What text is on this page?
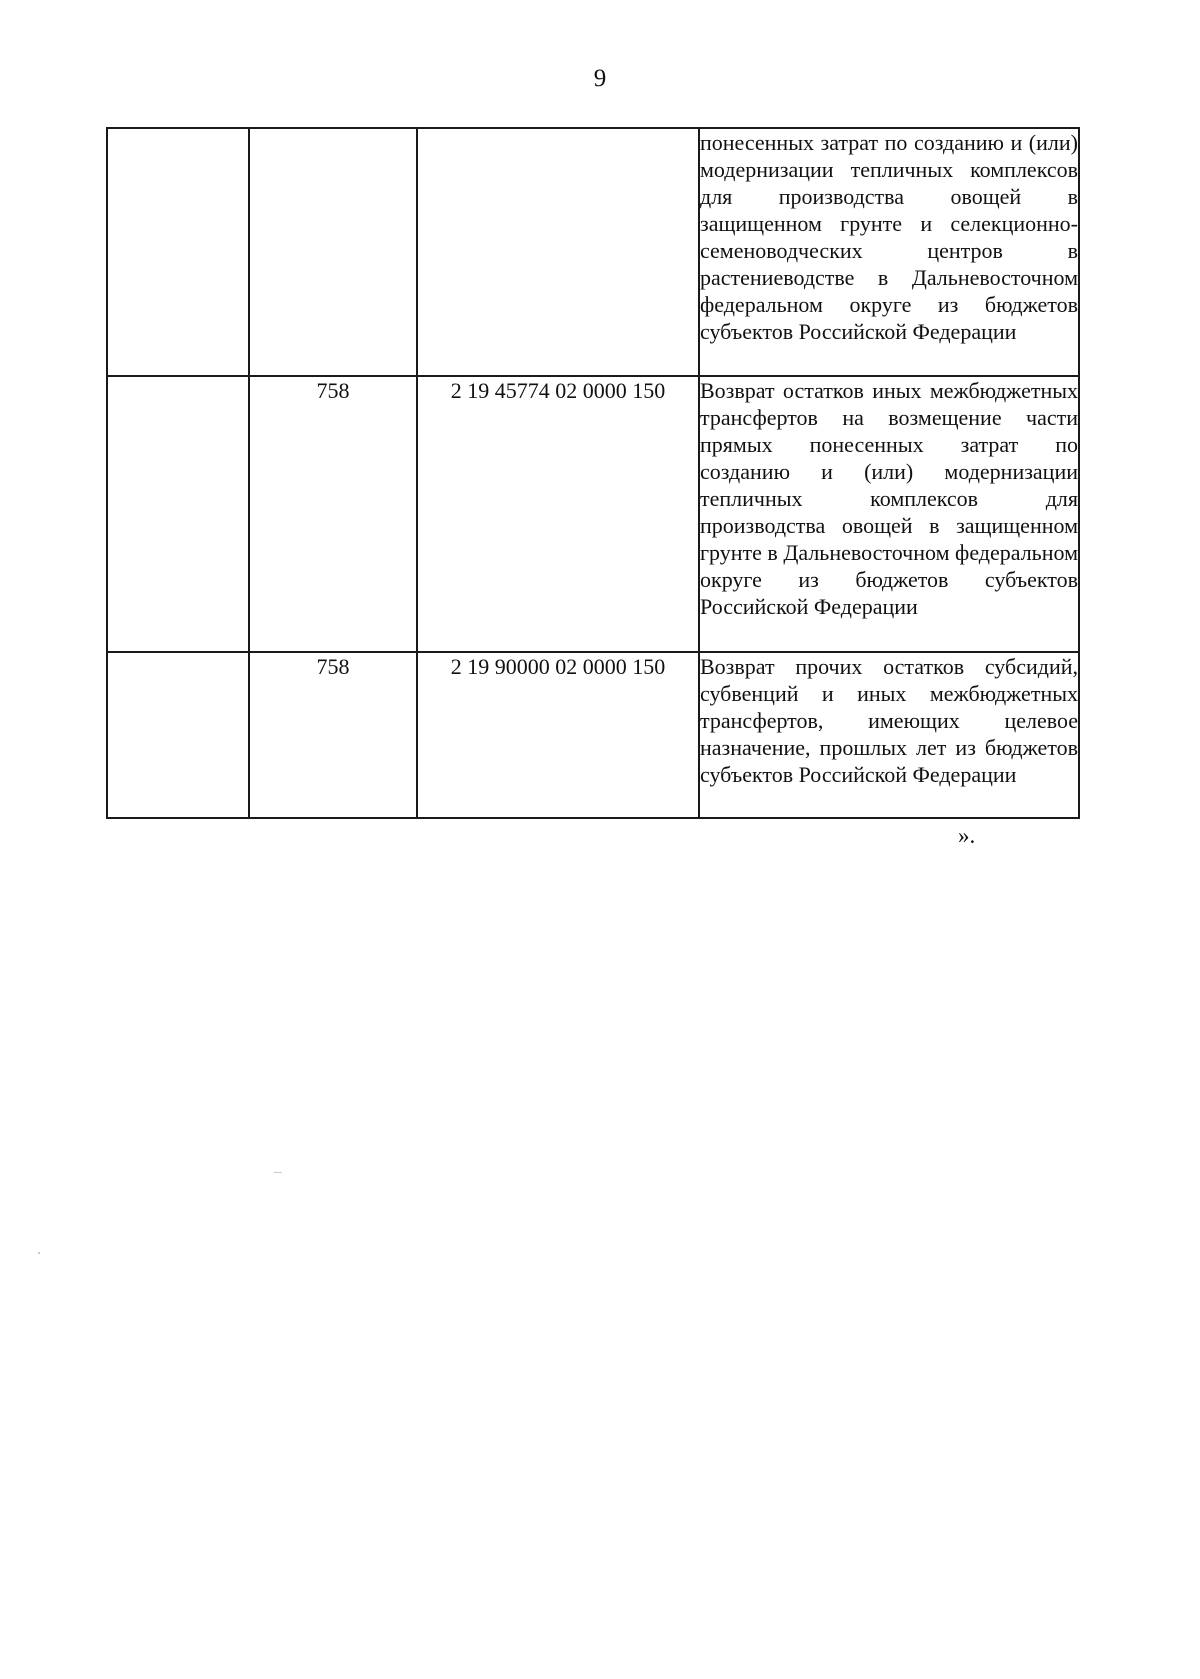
9
			понесенных затрат по созданию и (или) модернизации тепличных комплексов для производства овощей в защищенном грунте и селекционно-семеноводческих центров в растениеводстве в Дальневосточном федеральном округе из бюджетов субъектов Российской Федерации
	758	2 19 45774 02 0000 150	Возврат остатков иных межбюджетных трансфертов на возмещение части прямых понесенных затрат по созданию и (или) модернизации тепличных комплексов для производства овощей в защищенном грунте в Дальневосточном федеральном округе из бюджетов субъектов Российской Федерации
	758	2 19 90000 02 0000 150	Возврат прочих остатков субсидий, субвенций и иных межбюджетных трансфертов, имеющих целевое назначение, прошлых лет из бюджетов субъектов Российской Федерации
».
